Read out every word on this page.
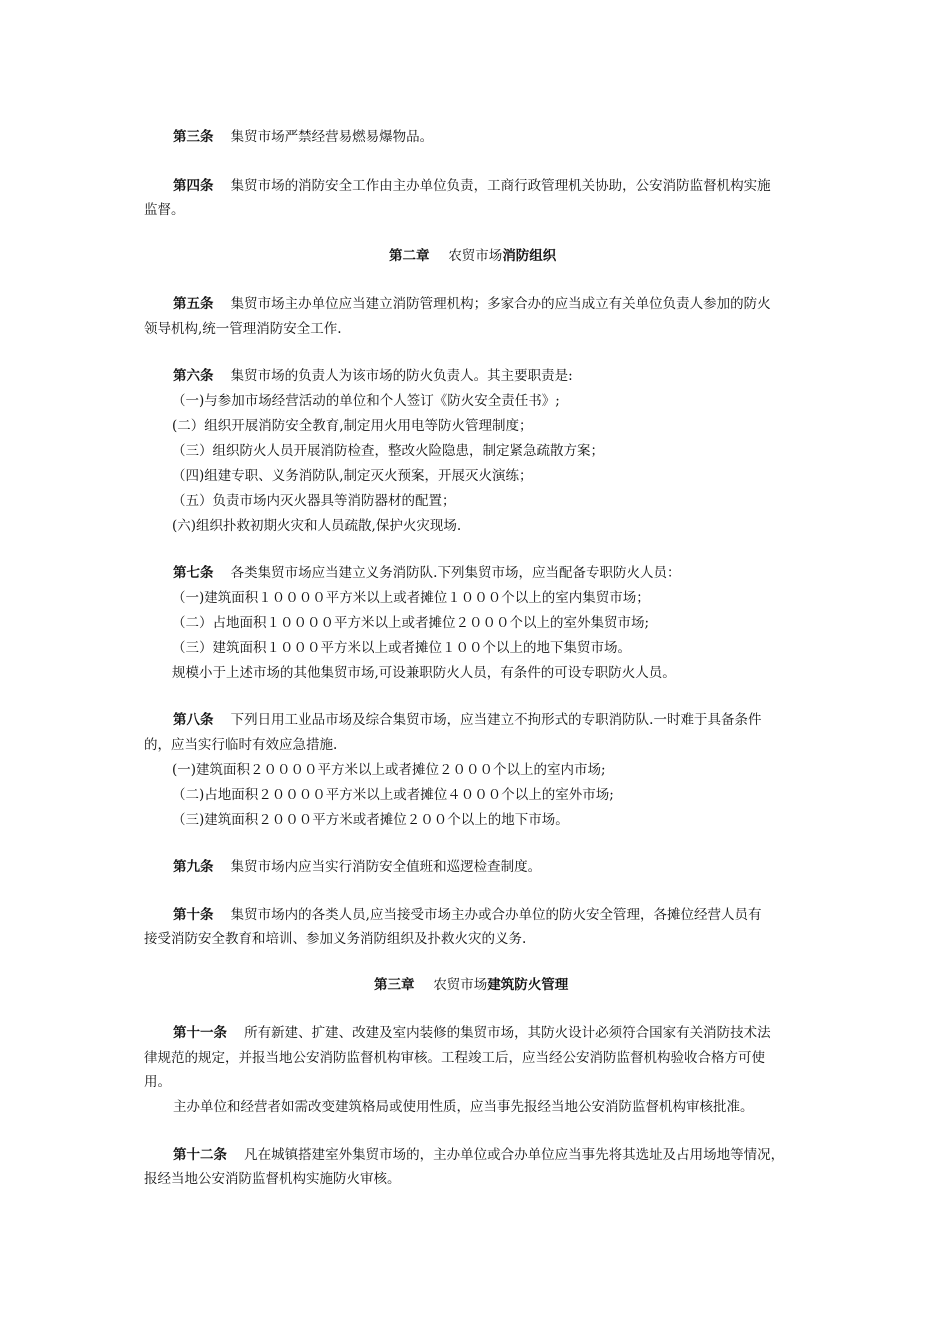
第三条 集贸市场严禁经营易燃易爆物品。
第四条 集贸市场的消防安全工作由主办单位负责，工商行政管理机关协助，公安消防监督机构实施
监督。
第二章 农贸市场消防组织
第五条 集贸市场主办单位应当建立消防管理机构；多家合办的应当成立有关单位负责人参加的防火
领导机构,统一管理消防安全工作.
第六条 集贸市场的负责人为该市场的防火负责人。其主要职责是:
（一)与参加市场经营活动的单位和个人签订《防火安全责任书》;
(二）组织开展消防安全教育,制定用火用电等防火管理制度；
（三）组织防火人员开展消防检查，整改火险隐患，制定紧急疏散方案；
（四)组建专职、义务消防队,制定灭火预案，开展灭火演练；
（五）负责市场内灭火器具等消防器材的配置；
(六)组织扑救初期火灾和人员疏散,保护火灾现场.
第七条 各类集贸市场应当建立义务消防队.下列集贸市场，应当配备专职防火人员：
（一)建筑面积１００００平方米以上或者摊位１０００个以上的室内集贸市场；
（二）占地面积１００００平方米以上或者摊位２０００个以上的室外集贸市场;
（三）建筑面积１０００平方米以上或者摊位１００个以上的地下集贸市场。
规模小于上述市场的其他集贸市场,可设兼职防火人员，有条件的可设专职防火人员。
第八条 下列日用工业品市场及综合集贸市场，应当建立不拘形式的专职消防队.一时难于具备条件
的，应当实行临时有效应急措施.
(一)建筑面积２００００平方米以上或者摊位２０００个以上的室内市场;
（二)占地面积２００００平方米以上或者摊位４０００个以上的室外市场;
（三)建筑面积２０００平方米或者摊位２００个以上的地下市场。
第九条 集贸市场内应当实行消防安全值班和巡逻检查制度。
第十条 集贸市场内的各类人员,应当接受市场主办或合办单位的防火安全管理，各摊位经营人员有
接受消防安全教育和培训、参加义务消防组织及扑救火灾的义务.
第三章 农贸市场建筑防火管理
第十一条 所有新建、扩建、改建及室内装修的集贸市场，其防火设计必须符合国家有关消防技术法
律规范的规定，并报当地公安消防监督机构审核。工程竣工后，应当经公安消防监督机构验收合格方可使
用。
主办单位和经营者如需改变建筑格局或使用性质，应当事先报经当地公安消防监督机构审核批准。
第十二条 凡在城镇搭建室外集贸市场的，主办单位或合办单位应当事先将其选址及占用场地等情况，
报经当地公安消防监督机构实施防火审核。
